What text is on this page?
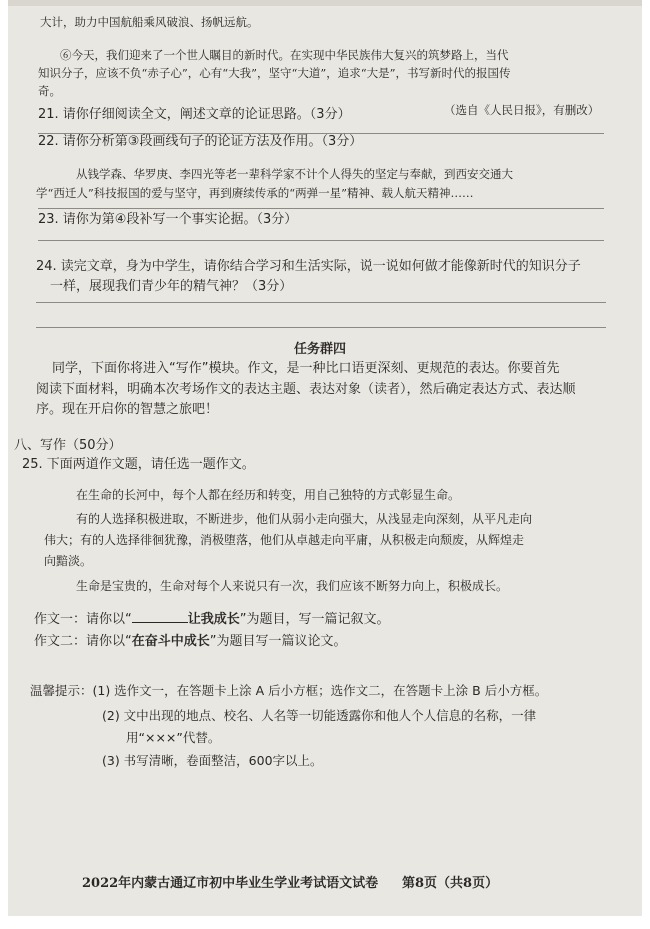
大计，助力中国航船乘风破浪、扬帆远航。
⑥今天，我们迎来了一个世人瞩目的新时代。在实现中华民族伟大复兴的筑梦路上，当代
知识分子，应该不负“赤子心”，心有“大我”，坚守“大道”，追求“大是”，书写新时代的报国传
奇。
（选自《人民日报》，有删改）
21. 请你仔细阅读全文，阐述文章的论证思路。（3分）
22. 请你分析第③段画线句子的论证方法及作用。（3分）
从钱学森、华罗庚、李四光等老一辈科学家不计个人得失的坚定与奉献，到西安交通大
学“西迁人”科技报国的爱与坚守，再到赓续传承的“两弹一星”精神、载人航天精神……
23. 请你为第④段补写一个事实论据。（3分）
24. 读完文章，身为中学生，请你结合学习和生活实际，说一说如何做才能像新时代的知识分子
一样，展现我们青少年的精气神？（3分）
任务群四
同学，下面你将进入“写作”模块。作文，是一种比口语更深刻、更规范的表达。你要首先
阅读下面材料，明确本次考场作文的表达主题、表达对象（读者），然后确定表达方式、表达顺
序。现在开启你的智慧之旅吧！
八、写作（50分）
25. 下面两道作文题，请任选一题作文。
在生命的长河中，每个人都在经历和转变，用自己独特的方式彰显生命。
有的人选择积极进取，不断进步，他们从弱小走向强大，从浅显走向深刻，从平凡走向
伟大；有的人选择徘徊犹豫，消极堕落，他们从卓越走向平庸，从积极走向颓废，从辉煌走
向黯淡。
生命是宝贵的，生命对每个人来说只有一次，我们应该不断努力向上，积极成长。
作文一：请你以“	让我成长”为题目，写一篇记叙文。
作文二：请你以“在奋斗中成长”为题目写一篇议论文。
温馨提示：(1) 选作文一，在答题卡上涂 A 后小方框；选作文二，在答题卡上涂 B 后小方框。
(2) 文中出现的地点、校名、人名等一切能透露你和他人个人信息的名称，一律
用“×××”代替。
(3) 书写清晰，卷面整洁，600字以上。
2022年内蒙古通辽市初中毕业生学业考试语文试卷 第8页（共8页）
